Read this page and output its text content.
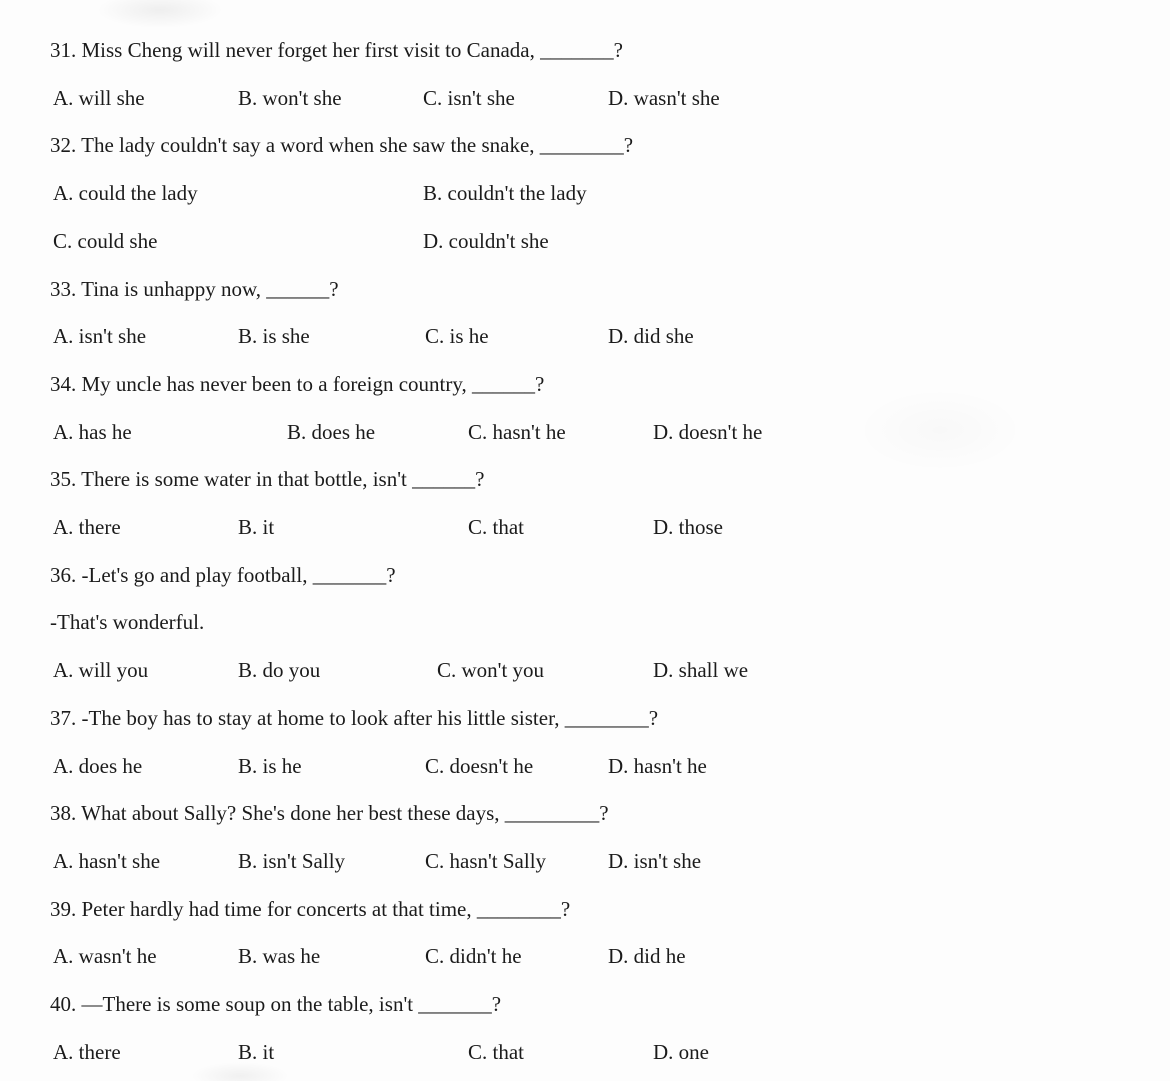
31. Miss Cheng will never forget her first visit to Canada, _______?
A. will she	B. won't she	C. isn't she	D. wasn't she
32. The lady couldn't say a word when she saw the snake, ________?
A. could the lady	B. couldn't the lady
C. could she	D. couldn't she
33. Tina is unhappy now, ______?
A. isn't she	B. is she	C. is he	D. did she
34. My uncle has never been to a foreign country, ______?
A. has he	B. does he	C. hasn't he	D. doesn't he
35. There is some water in that bottle, isn't ______?
A. there	B. it	C. that	D. those
36. -Let's go and play football, _______?
-That's wonderful.
A. will you	B. do you	C. won't you	D. shall we
37. -The boy has to stay at home to look after his little sister, ________?
A. does he	B. is he	C. doesn't he	D. hasn't he
38. What about Sally? She's done her best these days, _________?
A. hasn't she	B. isn't Sally	C. hasn't Sally	D. isn't she
39. Peter hardly had time for concerts at that time, ________?
A. wasn't he	B. was he	C. didn't he	D. did he
40. —There is some soup on the table, isn't _______?
A. there	B. it	C. that	D. one
